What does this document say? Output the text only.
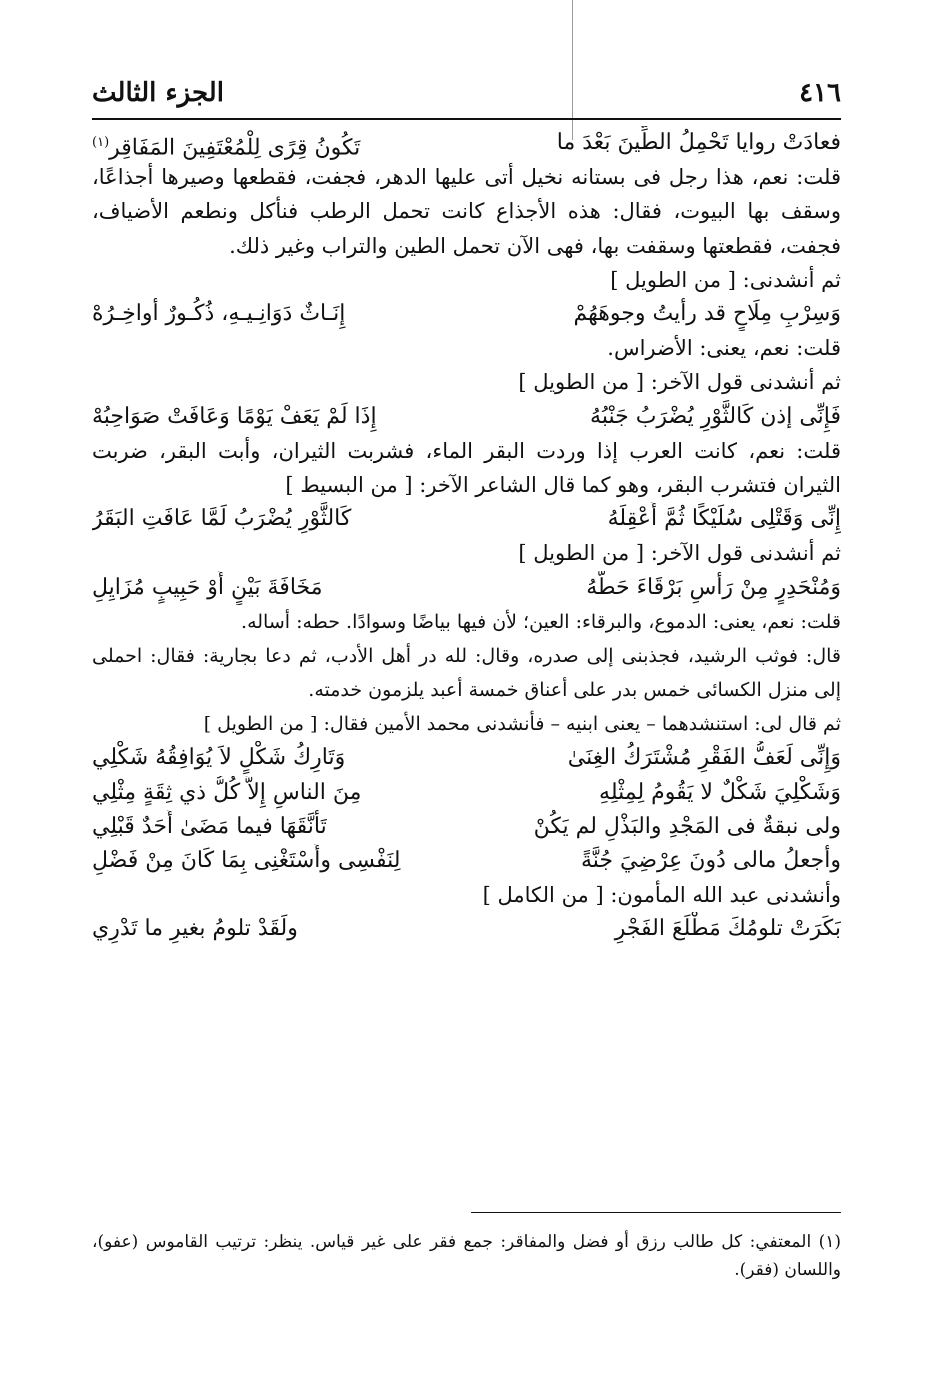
٤١٦
الجزء الثالث
فعادَتْ روايا تَحْمِلُ الطِّينَ بَعْدَ ما
تَكُونُ قِرًى لِلْمُعْتَفِينَ المَفَاقِرِ$^{(١)}$
قلت: نعم، هذا رجل فى بستانه نخيل أتى عليها الدهر، فجفت، فقطعها وصيرها أجذاعًا، وسقف بها البيوت، فقال: هذه الأجذاع كانت تحمل الرطب فنأكل ونطعم الأضياف، فجفت، فقطعتها وسقفت بها، فهى الآن تحمل الطين والتراب وغير ذلك.
ثم أنشدنى: [ من الطويل ]
وَسِرْبِ مِلَاحٍ قد رأيتُ وجوهَهُمْ
إِنَـاثٌ دَوَانِـيـهِ، ذُكُـورٌ أواخِـرُهْ
قلت: نعم، يعنى: الأضراس.
ثم أنشدنى قول الآخر: [ من الطويل ]
فَإِنِّى إذن كَالثَّوْرِ يُضْرَبُ جَنْبُهُ
إِذَا لَمْ يَعَفْ يَوْمًا وَعَافَتْ صَوَاحِبُهْ
قلت: نعم، كانت العرب إذا وردت البقر الماء، فشربت الثيران، وأبت البقر، ضربت الثيران فتشرب البقر، وهو كما قال الشاعر الآخر: [ من البسيط ]
إِنِّى وَقَتْلِى سُلَيْكًا ثُمَّ أَعْقِلَهُ
كَالثَّوْرِ يُضْرَبُ لَمَّا عَافَتِ البَقَرُ
ثم أنشدنى قول الآخر: [ من الطويل ]
وَمُنْحَدِرٍ مِنْ رَأْسِ بَرْقَاءَ حَطَّهُ
مَخَافَةَ بَيْنٍ أَوْ حَبِيبٍ مُزَايِلِ
قلت: نعم، يعنى: الدموع، والبرقاء: العين؛ لأن فيها بياضًا وسوادًا. حطه: أساله.
قال: فوثب الرشيد، فجذبنى إلى صدره، وقال: لله در أهل الأدب، ثم دعا بجارية: فقال: احملى إلى منزل الكسائى خمس بدر على أعناق خمسة أعبد يلزمون خدمته.
ثم قال لى: استنشدهما – يعنى ابنيه – فأنشدنى محمد الأمين فقال: [ من الطويل ]
وَإِنِّى لَعَفُّ الفَقْرِ مُشْتَرَكُ الغِنَىٰ
وَتَارِكُ شَكْلٍ لاَ يُوَافِقُهُ شَكْلِي
وَشَكْلِيَ شَكْلٌ لا يَقُومُ لِمِثْلِهِ
مِنَ الناسِ إِلاَّ كُلُّ ذي ثِقَةٍ مِثْلِي
ولى نبقةٌ فى المَجْدِ والبَذْلِ لم يَكُنْ
تَأَنَّقَهَا فيما مَضَىٰ أَحَدٌ قَبْلِي
وأجعلُ مالى دُونَ عِرْضِيَ جُنَّةً
لِنَفْسِى وأَسْتَغْنِى بِمَا كَانَ مِنْ فَضْلِ
وأنشدنى عبد الله المأمون: [ من الكامل ]
بَكَرَتْ تلومُكَ مَطْلَعَ الفَجْرِ
ولَقَدْ تلومُ بغيرِ ما تَدْرِي
(١) المعتفي: كل طالب رزق أو فضل والمفاقر: جمع فقر على غير قياس. ينظر: ترتيب القاموس (عفو)، واللسان (فقر).
